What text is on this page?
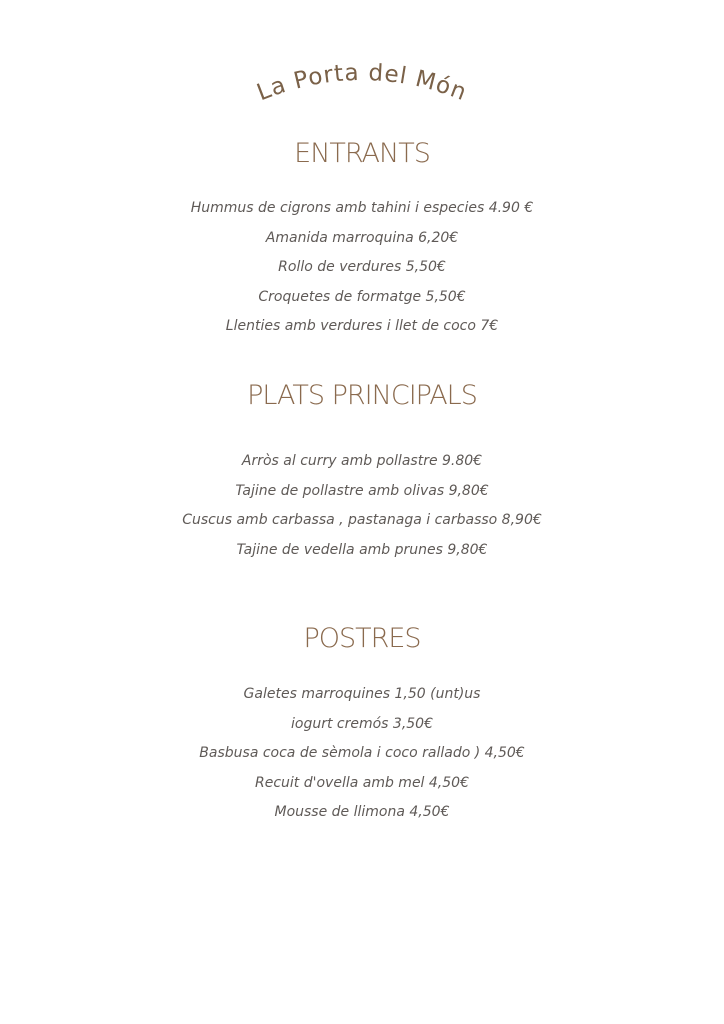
La Porta del Món
ENTRANTS
Hummus de cigrons amb tahini i especies 4.90 €
Amanida marroquina 6,20€
Rollo de verdures 5,50€
Croquetes de formatge 5,50€
Llenties amb verdures i llet de coco 7€
PLATS PRINCIPALS
Arròs al curry amb pollastre 9.80€
Tajine de pollastre amb olivas 9,80€
Cuscus amb carbassa , pastanaga i carbasso 8,90€
Tajine de vedella amb prunes 9,80€
POSTRES
Galetes marroquines 1,50 (unt)us
iogurt cremós 3,50€
Basbusa coca de sèmola i coco rallado ) 4,50€
Recuit d'ovella amb mel 4,50€
Mousse de llimona 4,50€
